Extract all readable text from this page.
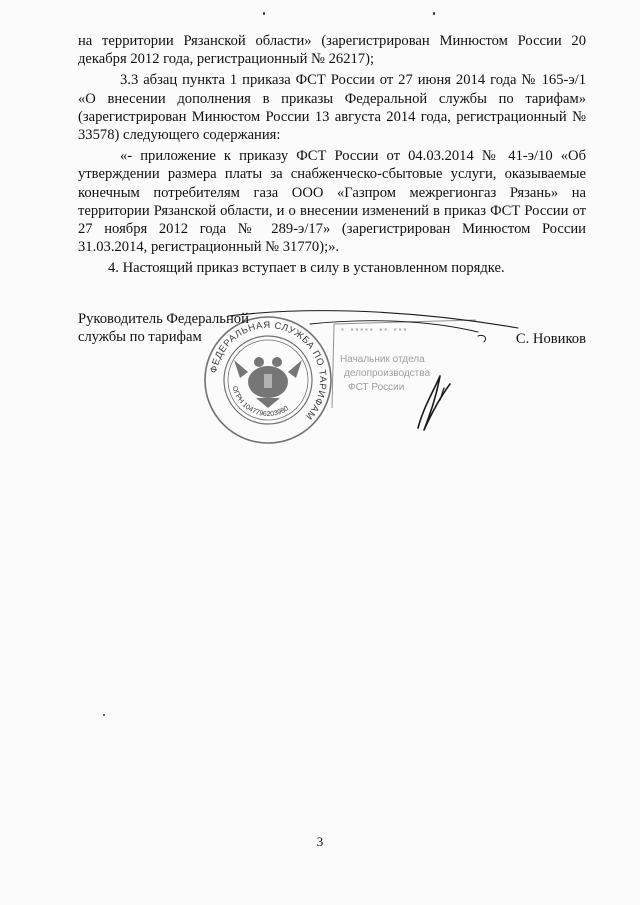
на территории Рязанской области» (зарегистрирован Минюстом России 20 декабря 2012 года, регистрационный № 26217);

3.3 абзац пункта 1 приказа ФСТ России от 27 июня 2014 года № 165-э/1 «О внесении дополнения в приказы Федеральной службы по тарифам» (зарегистрирован Минюстом России 13 августа 2014 года, регистрационный № 33578) следующего содержания:

«- приложение к приказу ФСТ России от 04.03.2014 № 41-э/10 «Об утверждении размера платы за снабженческо-сбытовые услуги, оказываемые конечным потребителям газа ООО «Газпром межрегионгаз Рязань» на территории Рязанской области, и о внесении изменений в приказ ФСТ России от 27 ноября 2012 года № 289-э/17» (зарегистрирован Минюстом России 31.03.2014, регистрационный № 31770);».

4. Настоящий приказ вступает в силу в установленном порядке.

ФЕДЕРАЛЬНАЯ СЛУЖБА ПО ТАРИФАМ
ОГРН 1047796203980
Начальник отдела
делопроизводства
ФСТ России
▪ ▪▪▪▪▪ ▪▪ ▪▪▪
Руководитель Федеральной службы по тарифам	С. Новиков
3
